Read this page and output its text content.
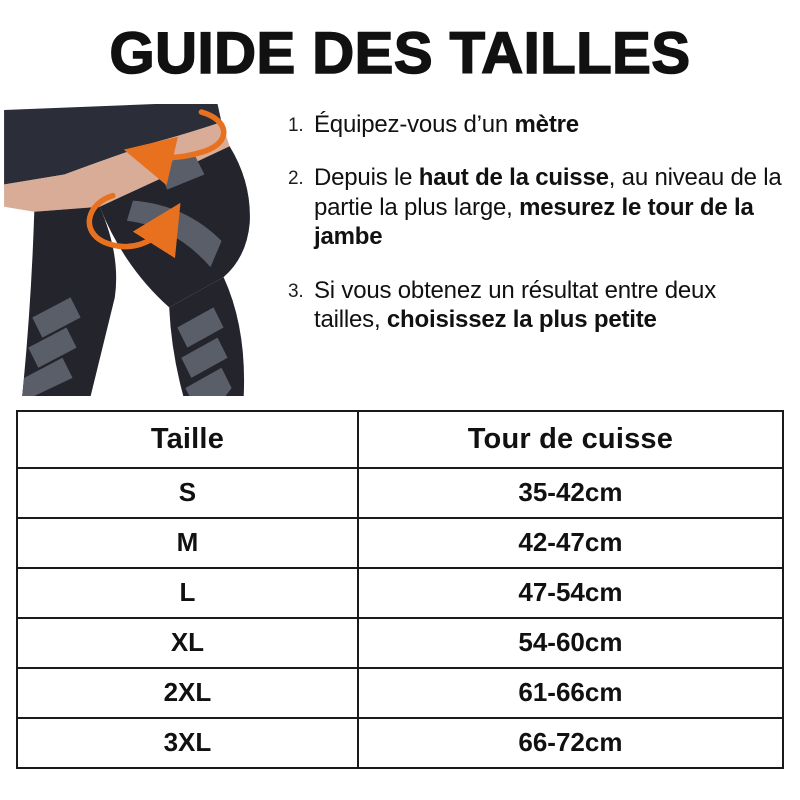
GUIDE DES TAILLES
1. Équipez-vous d’un mètre
2. Depuis le haut de la cuisse, au niveau de la partie la plus large, mesurez le tour de la jambe
3. Si vous obtenez un résultat entre deux tailles, choisissez la plus petite
Taille	Tour de cuisse
S	35-42cm
M	42-47cm
L	47-54cm
XL	54-60cm
2XL	61-66cm
3XL	66-72cm
